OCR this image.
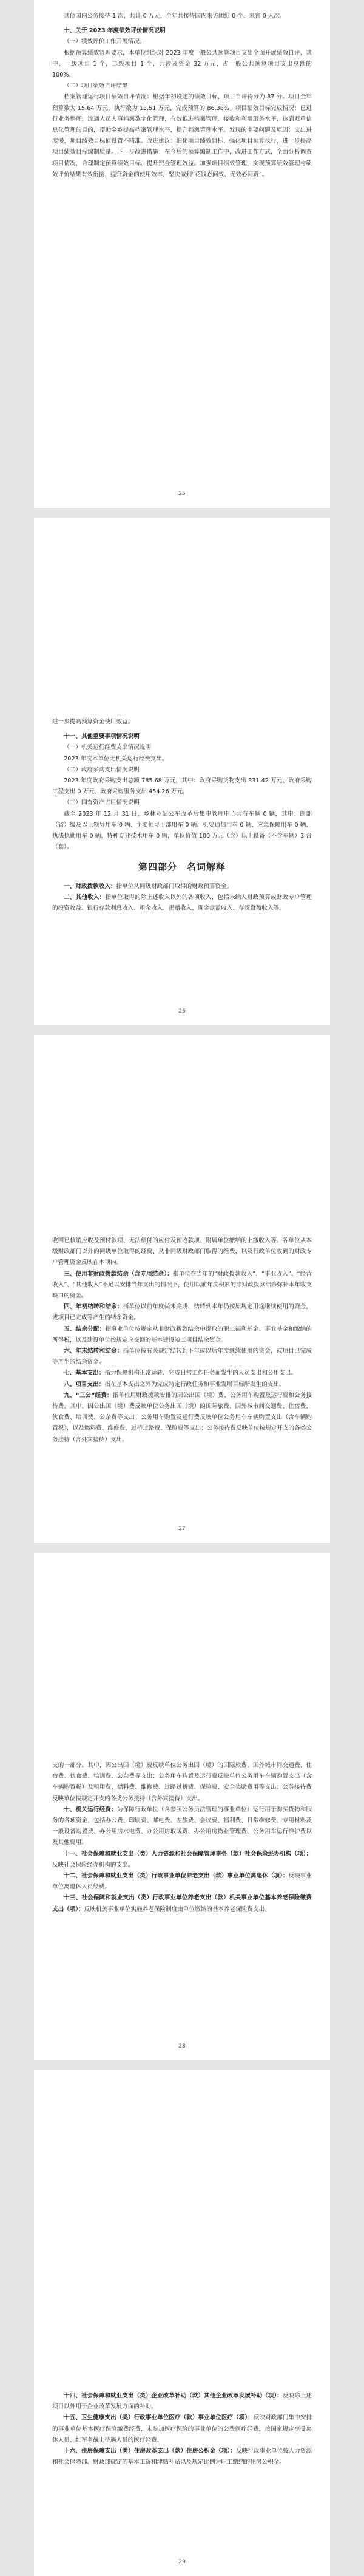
其他国内公务接待 1 次，共计 0 万元，全年共接待国内来访团组 0 个、来宾 0 人次。

十、关于 2023 年度绩效评价情况说明

（一）绩效评价工作开展情况。

根据预算绩效管理要求，本单位组织对 2023 年度一般公共预算项目支出全面开展绩效自评，其中，一级项目 1 个，二级项目 1 个，共涉及资金 32 万元，占一般公共预算项目支出总额的 100%。

（二）项目绩效自评结果

档案管理运行项目绩效自评情况：根据年初设定的绩效目标，项目自评得分为 87 分。项目全年预算数为 15.64 万元，执行数为 13.51 万元，完成预算的 86.38%。项目绩效目标完成情况：已进行业务整理，流通人员人事档案数字化管理，有效推进档案管理，接收和利用服务水平，达到双重信息化管理的目的，帮助全乡提高档案管理水平，提升档案管理水平。发现的主要问题及原因：支出进度慢，项目绩效目标值设置不精准。改进建议：细化项目绩效目标，强化项目预算执行，进一步提高项目绩效目标编制质量。下一步改进措施：在今后的预算编制工作中，改进工作方式，全面分析调查项目情况，合理制定预算绩效目标，提升资金管理效益。加强项目绩效管理，实现预算绩效管理与绩效评价结果有效衔接，提升资金的使用效率，坚决做到“花钱必问效、无效必问责”。

25

进一步提高预算资金使用效益。

十一、其他重要事项情况说明

（一）机关运行经费支出情况说明

2023 年度本单位无机关运行经费支出。

（二）政府采购支出情况说明

2023 年度政府采购支出总额 785.68 万元，其中：政府采购货物支出 331.42 万元、政府采购工程支出 0 万元、政府采购服务支出 454.26 万元。

（三）国有资产占用情况说明

截至 2023 年 12 月 31 日，乡林业站公车改革后集中管理中心共有车辆 0 辆，其中：副部（省）级及以上领导用车 0 辆、主要领导干部用车 0 辆、机要通信用车 0 辆、应急保障用车 0 辆、执法执勤用车 0 辆，特种专业技术用车 0 辆，单位价值 100 万元（含）以上设备（不含车辆）3 台（套）。

第四部分　名词解释

一、财政拨款收入：指单位从同级财政部门取得的财政预算资金。

二、其他收入：指单位取得的除上述收入以外的各项收入，包括未纳入财政预算或财政专户管理的投资收益、银行存款利息收入、租金收入、捐赠收入，现金盘盈收入、存货盘盈收入等。

26

收回已核销应收及预付款项、无法偿付的应付及预收款项、附属单位缴纳的上缴收入等。各单位从本级财政部门以外的同级单位取得的经费、从非同级财政部门取得的经费，以及行政单位收到的财政专户管理资金反映在本项内。

三、使用非财政拨款结余（含专用结余）：指单位在当年的“财政拨款收入”、“事业收入”、“经营收入”、“其他收入”不足以安排当年支出的情况下，使用以前年度积累的非财政拨款结余弥补本年收支缺口的资金。

四、年初结转和结余：指单位以前年度尚未完成、结转到本年仍按原规定用途继续使用的资金，或项目已完成等产生的结余资金。

五、结余分配：指事业单位按规定从非财政拨款结余中提取的职工福利基金、事业基金和缴纳的所得税，以及建设单位按规定应交回的基本建设竣工项目结余资金。

六、年末结转和结余：指单位按有关规定结转到下年或以后年度继续使用的资金，或项目已完成等产生的结余资金。

七、基本支出：指为保障机构正常运转、完成日常工作任务而发生的人员支出和公用支出。

八、项目支出：指在基本支出之外为完成特定行政任务和事业发展目标所发生的支出。

九、“三公”经费：指单位用财政拨款安排的因公出国（境）费、公务用车购置及运行费和公务接待费。其中，因公出国（境）费反映单位公务出国（境）的国际旅费、国外城市间交通费、住宿费、伙食费、培训费、公杂费等支出；公务用车购置及运行费反映单位公务用车车辆购置支出（含车辆购置税），以及燃料费、维修费、过桥过路费、保险费等支出；公务接待费反映单位按规定开支的各类公务接待（含外宾接待）支出。

27

支的一部分。其中，因公出国（境）费反映单位公务出国（境）的国际旅费、国外城市间交通费、住宿费、伙食费、培训费、公杂费等支出；公务用车购置及运行费反映单位公务用车车辆购置支出（含车辆购置税）及租用费、燃料费、维修费、过路过桥费、保险费、安全奖励费用等支出；公务接待费反映单位按规定开支的各类公务接待（含外宾接待）支出。

十、机关运行经费：为保障行政单位（含参照公务员法管理的事业单位）运行用于购买货物和服务的各项资金，包括办公费、印刷费、邮电费、差旅费、会议费、福利费、日常维修费、专用材料及一般设备购置费、办公用房水电费、办公用房取暖费、办公用房物业管理费、公务用车运行维护费以及其他费用。

十一、社会保障和就业支出（类）人力资源和社会保障管理事务（款）社会保险经办机构（项）：反映社会保险经办机构的支出。

十二、社会保障和就业支出（类）行政事业单位养老支出（款）事业单位离退休（项）：反映事业单位离退休人员经费。

十三、社会保障和就业支出（类）行政事业单位养老支出（款）机关事业单位基本养老保险缴费支出（项）：反映机关事业单位实施养老保险制度由单位缴纳的基本养老保险费支出。

28

十四、社会保障和就业支出（类）企业改革补助（款）其他企业改革发展补助（项）：反映除上述项目以外用于企业改革发展方面的补助。

十五、卫生健康支出（类）行政事业单位医疗（款）事业单位医疗（项）：反映财政部门集中安排的事业单位基本医疗保险缴费经费，未参加医疗保险的事业单位的公费医疗经费，按国家规定享受离休人员、红军老战士待遇人员的医疗经费。

十六、住房保障支出（类）住房改革支出（款）住房公积金（项）：反映行政事业单位按人力资源和社会保障部、财政部规定的基本工资和津贴补贴以及规定比例为职工缴纳的住房公积金。

29
